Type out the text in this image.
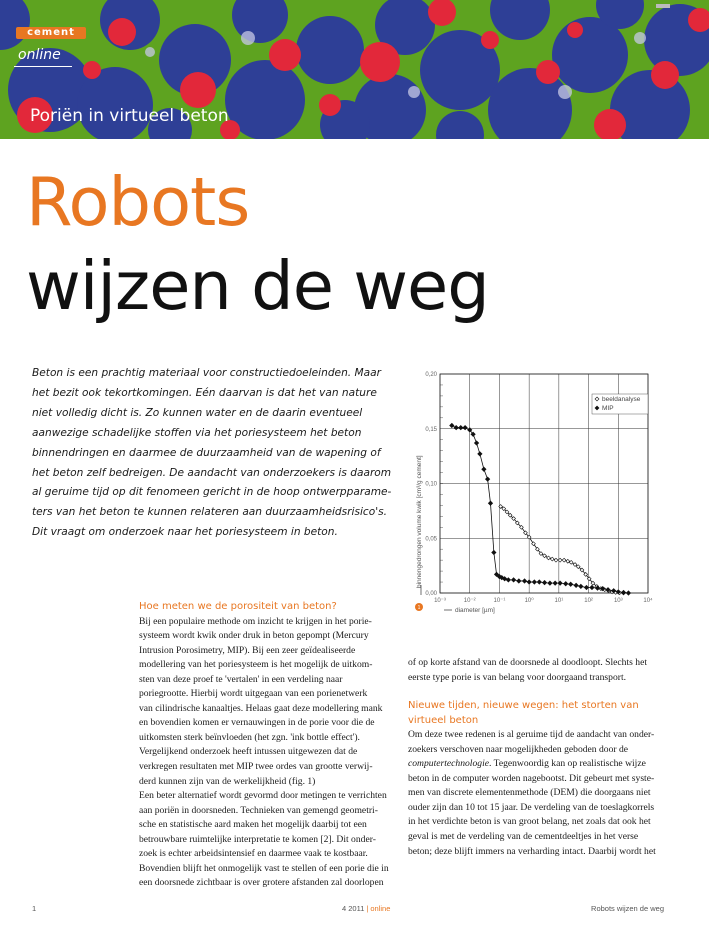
cement
online
Poriën in virtueel beton
Robots
wijzen de weg
Beton is een prachtig materiaal voor constructiedoeleinden. Maar
het bezit ook tekortkomingen. Eén daarvan is dat het van nature
niet volledig dicht is. Zo kunnen water en de daarin eventueel
aanwezige schadelijke stoffen via het poriesysteem het beton
binnendringen en daarmee de duurzaamheid van de wapening of
het beton zelf bedreigen. De aandacht van onderzoekers is daarom
al geruime tijd op dit fenomeen gericht in de hoop ontwerpparame-
ters van het beton te kunnen relateren aan duurzaamheidsrisico's.
Dit vraagt om onderzoek naar het poriesysteem in beton.
10⁻³	10⁻²	10⁻¹	10⁰	10¹	10²	10³	10⁴
0,00
0,05
0,10
0,15
0,20
binnengedrongen volume kwik [cm³/g cement]
diameter [µm]
1
beeldanalyse
MIP
Hoe meten we de porositeit van beton?
Bij een populaire methode om inzicht te krijgen in het porie-
systeem wordt kwik onder druk in beton gepompt (Mercury
Intrusion Porosimetry, MIP). Bij een zeer geïdealiseerde
modellering van het poriesysteem is het mogelijk de uitkom-
sten van deze proef te 'vertalen' in een verdeling naar
poriegrootte. Hierbij wordt uitgegaan van een porienetwerk
van cilindrische kanaaltjes. Helaas gaat deze modellering mank
en bovendien komen er vernauwingen in de porie voor die de
uitkomsten sterk beïnvloeden (het zgn. 'ink bottle effect').
Vergelijkend onderzoek heeft intussen uitgewezen dat de
verkregen resultaten met MIP twee ordes van grootte verwij-
derd kunnen zijn van de werkelijkheid (fig. 1)
Een beter alternatief wordt gevormd door metingen te verrichten
aan poriën in doorsneden. Technieken van gemengd geometri-
sche en statistische aard maken het mogelijk daarbij tot een
betrouwbare ruimtelijke interpretatie te komen [2]. Dit onder-
zoek is echter arbeidsintensief en daarmee vaak te kostbaar.
Bovendien blijft het onmogelijk vast te stellen of een porie die in
een doorsnede zichtbaar is over grotere afstanden zal doorlopen
of op korte afstand van de doorsnede al doodloopt. Slechts het
eerste type porie is van belang voor doorgaand transport.
Nieuwe tijden, nieuwe wegen: het storten van
virtueel beton
Om deze twee redenen is al geruime tijd de aandacht van onder-
zoekers verschoven naar mogelijkheden geboden door de
computertechnologie. Tegenwoordig kan op realistische wijze
beton in de computer worden nagebootst. Dit gebeurt met syste-
men van discrete elementenmethode (DEM) die doorgaans niet
ouder zijn dan 10 tot 15 jaar. De verdeling van de toeslagkorrels
in het verdichte beton is van groot belang, net zoals dat ook het
geval is met de verdeling van de cementdeeltjes in het verse
beton; deze blijft immers na verharding intact. Daarbij wordt het
1	4 2011 | online	Robots wijzen de weg
